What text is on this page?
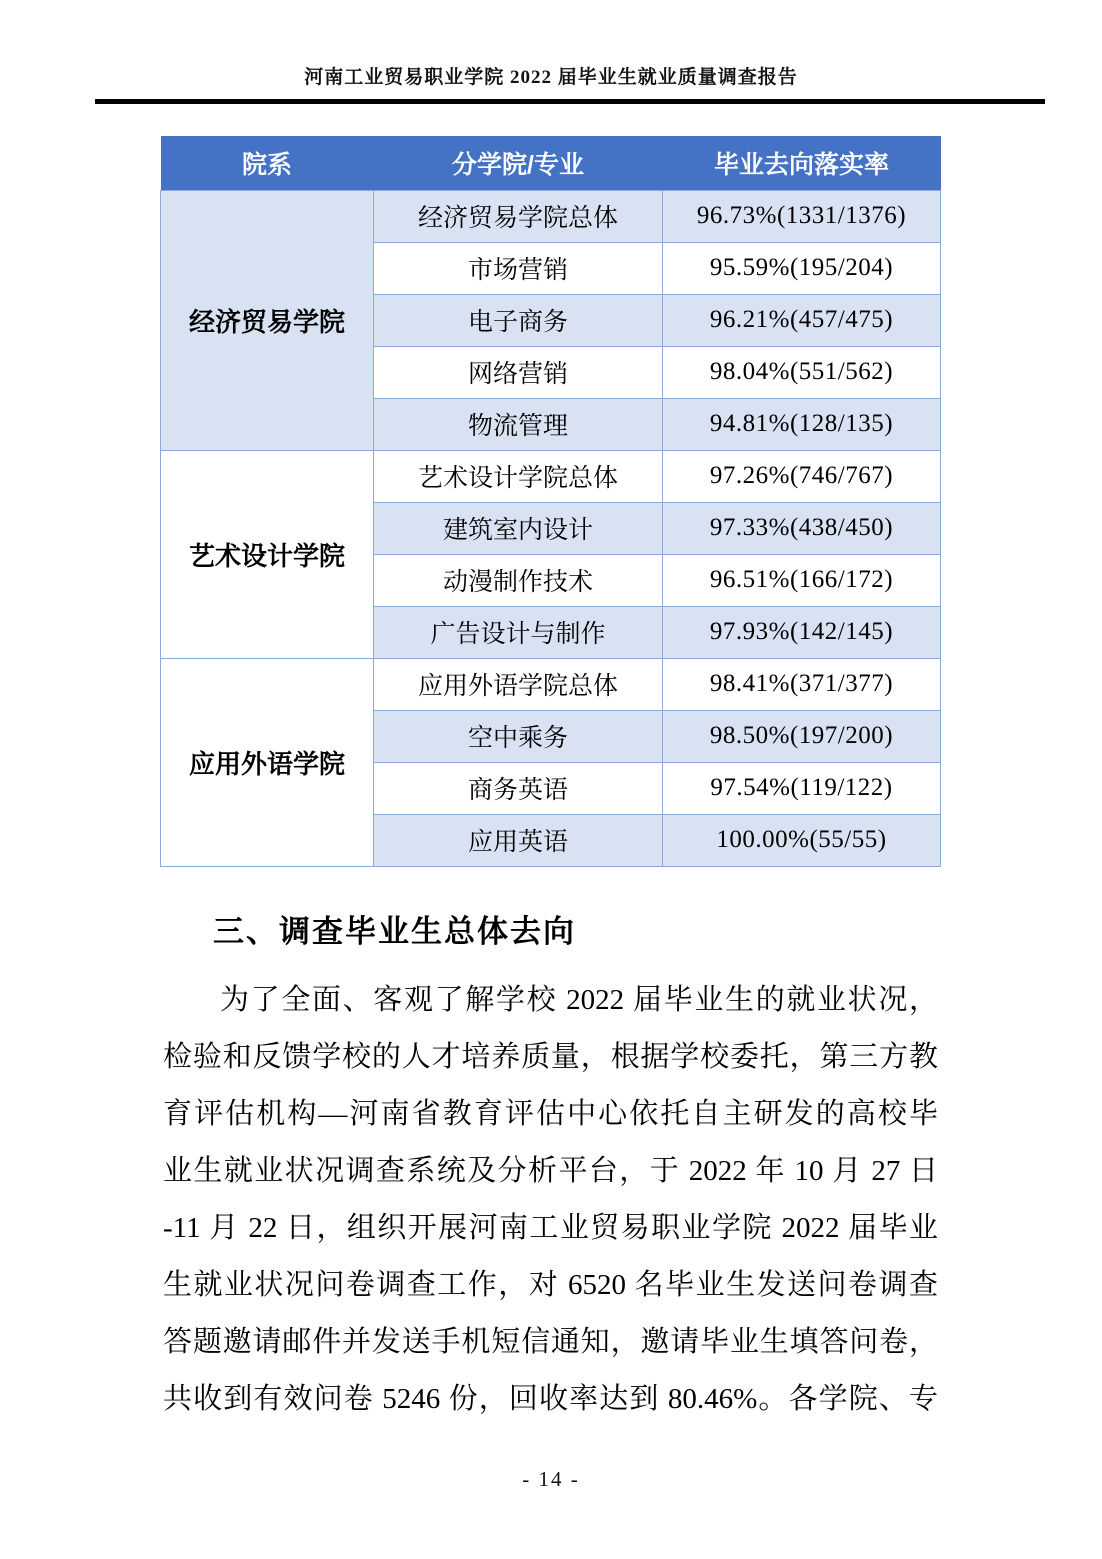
河南工业贸易职业学院 2022 届毕业生就业质量调查报告
院系	分学院/专业	毕业去向落实率
经济贸易学院	经济贸易学院总体	96.73%(1331/1376)
	市场营销	95.59%(195/204)
	电子商务	96.21%(457/475)
	网络营销	98.04%(551/562)
	物流管理	94.81%(128/135)
艺术设计学院	艺术设计学院总体	97.26%(746/767)
	建筑室内设计	97.33%(438/450)
	动漫制作技术	96.51%(166/172)
	广告设计与制作	97.93%(142/145)
应用外语学院	应用外语学院总体	98.41%(371/377)
	空中乘务	98.50%(197/200)
	商务英语	97.54%(119/122)
	应用英语	100.00%(55/55)
三、调查毕业生总体去向
为了全面、客观了解学校 2022 届毕业生的就业状况，
检验和反馈学校的人才培养质量，根据学校委托，第三方教
育评估机构—河南省教育评估中心依托自主研发的高校毕
业生就业状况调查系统及分析平台，于 2022 年 10 月 27 日
-11 月 22 日，组织开展河南工业贸易职业学院 2022 届毕业
生就业状况问卷调查工作，对 6520 名毕业生发送问卷调查
答题邀请邮件并发送手机短信通知，邀请毕业生填答问卷，
共收到有效问卷 5246 份，回收率达到 80.46%。各学院、专
- 14 -
